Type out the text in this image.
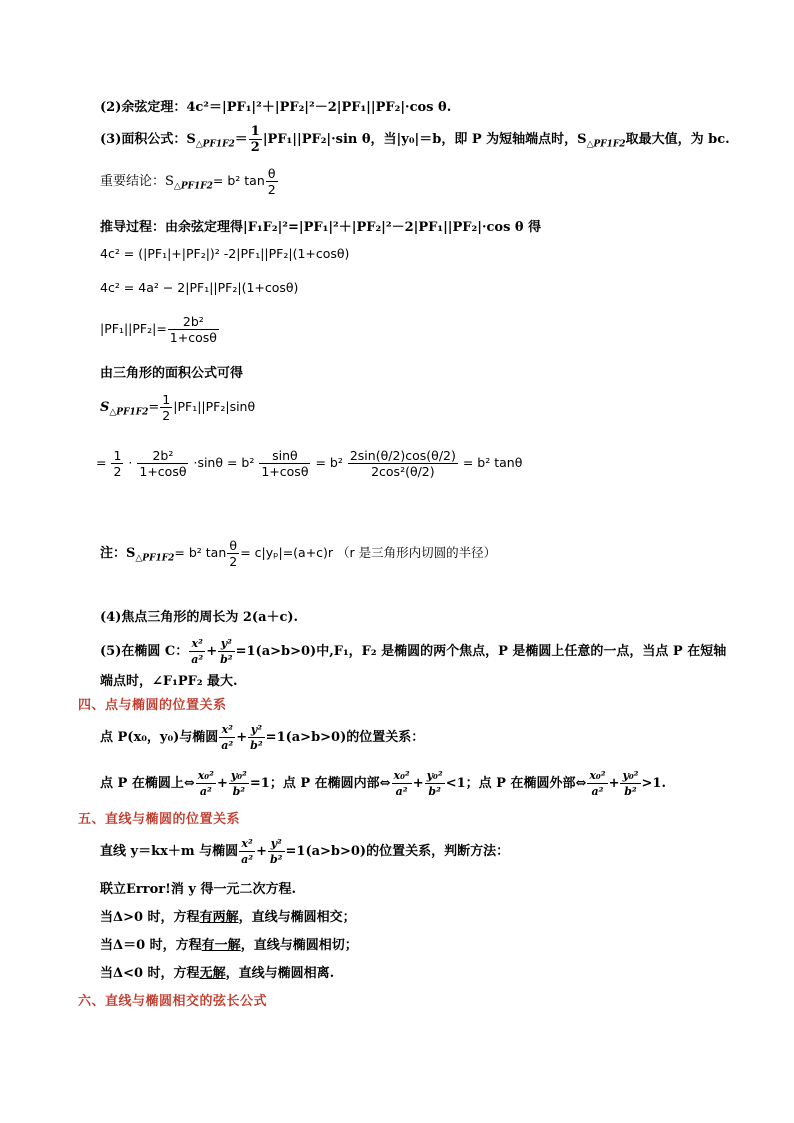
(2)余弦定理：4c²＝|PF₁|²＋|PF₂|²－2|PF₁||PF₂|·cos θ.
(3)面积公式：$S_{\triangle PF1F2}= \frac{1}{2} |PF_1||PF_2|\cdot\sin$ θ，当|y₀|＝b，即 P 为短轴端点时，$S_{\triangle PF1F2}$取最大值，为 bc.
重要结论：$S_{\triangle PF1F2}= b^2$ $\tan \frac{\theta}{2}$
推导过程：由余弦定理得|F₁F₂|²=|PF₁|²＋|PF₂|²－2|PF₁||PF₂|·cos θ 得
4c² = (|PF₁|+|PF₂|)² -2|PF₁||PF₂|(1+cosθ)
4c² = 4a² − 2|PF₁||PF₂|(1+cosθ)
$|PF_1||PF_2|= \frac{\text{2b²}}{1+\cos\theta}$
由三角形的面积公式可得
$S_{\triangle PF1F2}= \frac{1}{2} |PF_1||PF_2|\sin\theta$
= $\frac{1}{2} \cdot \frac{\text{2b²}}{1+\cos\theta} \cdot\sin\theta = b^2 \frac{\sin\theta}{1+\cos\theta} = b^2 \frac{2\sin(\theta/2)\cos(\theta/2)}{\text{2cos²(θ/2)}} = b^2$ tanθ
注：$S_{\triangle PF1F2}= b^2$ $\tan \frac{\theta}{2} = c|y_p|=(a+c)r$ （r 是三角形内切圆的半径）
(4)焦点三角形的周长为 2(a＋c).
(5)在椭圆 C： $\frac{\text{x²}}{\text{a²}} + \frac{\text{y²}}{\text{b²}} =1(a>b>0)$中,F₁，F₂ 是椭圆的两个焦点，P 是椭圆上任意的一点，当点 P 在短轴
端点时，∠F₁PF₂ 最大.
四、点与椭圆的位置关系
点 P(x₀，y₀)与椭圆 $\frac{\text{x²}}{\text{a²}} + \frac{\text{y²}}{\text{b²}} =1(a>b>0)$的位置关系：
点 P 在椭圆上⇔ $\frac{\text{x₀²}}{\text{a²}} + \frac{\text{y₀²}}{\text{b²}} =1$；点 P 在椭圆内部⇔ $\frac{\text{x₀²}}{\text{a²}} + \frac{\text{y₀²}}{\text{b²}} <1$；点 P 在椭圆外部⇔ $\frac{\text{x₀²}}{\text{a²}} + \frac{\text{y₀²}}{\text{b²}} >1$.
五、直线与椭圆的位置关系
直线 y＝kx＋m 与椭圆 $\frac{\text{x²}}{\text{a²}} + \frac{\text{y²}}{\text{b²}} =1(a>b>0)$的位置关系，判断方法：
联立Error!消 y 得一元二次方程.
当Δ>0 时，方程有两解，直线与椭圆相交；
当Δ＝0 时，方程有一解，直线与椭圆相切；
当Δ<0 时，方程无解，直线与椭圆相离.
六、直线与椭圆相交的弦长公式
